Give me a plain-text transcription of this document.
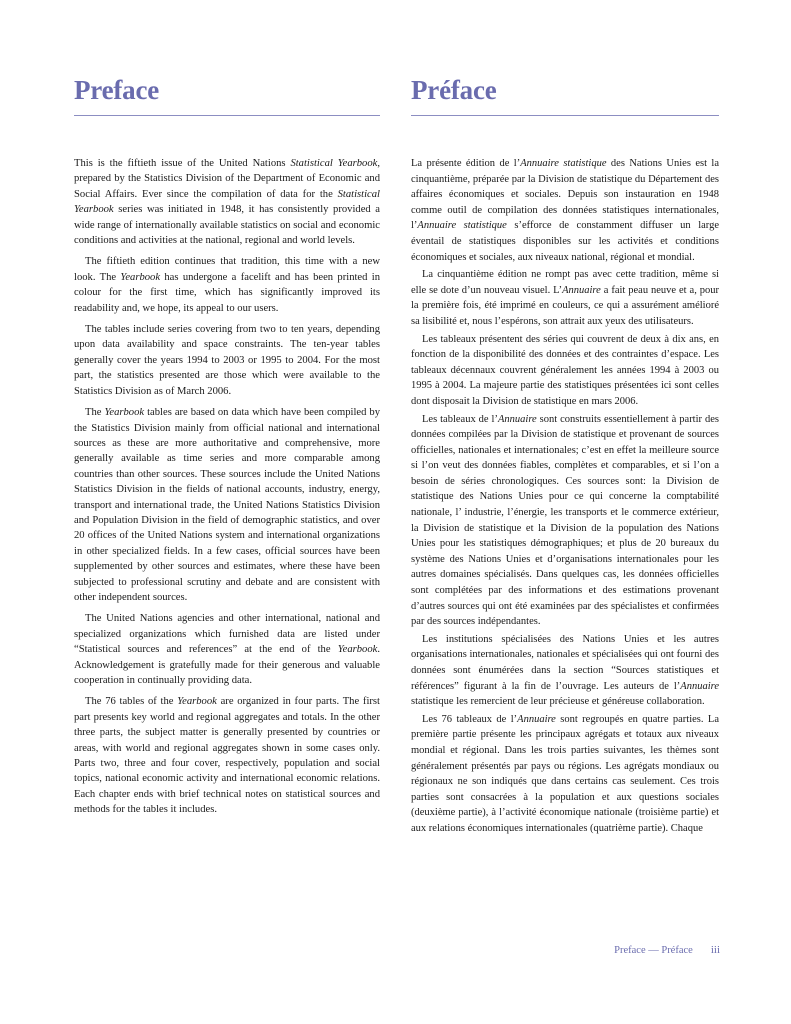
Preface

This is the fiftieth issue of the United Nations Statistical Yearbook, prepared by the Statistics Division of the Department of Economic and Social Affairs. Ever since the compilation of data for the Statistical Yearbook series was initiated in 1948, it has consistently provided a wide range of internationally available statistics on social and economic conditions and activities at the national, regional and world levels.

The fiftieth edition continues that tradition, this time with a new look. The Yearbook has undergone a facelift and has been printed in colour for the first time, which has significantly improved its readability and, we hope, its appeal to our users.

The tables include series covering from two to ten years, depending upon data availability and space constraints. The ten-year tables generally cover the years 1994 to 2003 or 1995 to 2004. For the most part, the statistics presented are those which were available to the Statistics Division as of March 2006.

The Yearbook tables are based on data which have been compiled by the Statistics Division mainly from official national and international sources as these are more authoritative and comprehensive, more generally available as time series and more comparable among countries than other sources. These sources include the United Nations Statistics Division in the fields of national accounts, industry, energy, transport and international trade, the United Nations Statistics Division and Population Division in the field of demographic statistics, and over 20 offices of the United Nations system and international organizations in other specialized fields. In a few cases, official sources have been supplemented by other sources and estimates, where these have been subjected to professional scrutiny and debate and are consistent with other independent sources.

The United Nations agencies and other international, national and specialized organizations which furnished data are listed under “Statistical sources and references” at the end of the Yearbook. Acknowledgement is gratefully made for their generous and valuable cooperation in continually providing data.

The 76 tables of the Yearbook are organized in four parts. The first part presents key world and regional aggregates and totals. In the other three parts, the subject matter is generally presented by countries or areas, with world and regional aggregates shown in some cases only. Parts two, three and four cover, respectively, population and social topics, national economic activity and international economic relations. Each chapter ends with brief technical notes on statistical sources and methods for the tables it includes.

Préface

La présente édition de l’Annuaire statistique des Nations Unies est la cinquantième, préparée par la Division de statistique du Département des affaires économiques et sociales. Depuis son instauration en 1948 comme outil de compilation des données statistiques internationales, l’Annuaire statistique s’efforce de constamment diffuser un large éventail de statistiques disponibles sur les activités et conditions économiques et sociales, aux niveaux national, régional et mondial.

La cinquantième édition ne rompt pas avec cette tradition, même si elle se dote d’un nouveau visuel. L’Annuaire a fait peau neuve et a, pour la première fois, été imprimé en couleurs, ce qui a assurément amélioré sa lisibilité et, nous l’espérons, son attrait aux yeux des utilisateurs.

Les tableaux présentent des séries qui couvrent de deux à dix ans, en fonction de la disponibilité des données et des contraintes d’espace. Les tableaux décennaux couvrent généralement les années 1994 à 2003 ou 1995 à 2004. La majeure partie des statistiques présentées ici sont celles dont disposait la Division de statistique en mars 2006.

Les tableaux de l’Annuaire sont construits essentiellement à partir des données compilées par la Division de statistique et provenant de sources officielles, nationales et internationales; c’est en effet la meilleure source si l’on veut des données fiables, complètes et comparables, et si l’on a besoin de séries chronologiques. Ces sources sont: la Division de statistique des Nations Unies pour ce qui concerne la comptabilité nationale, l’ industrie, l’énergie, les transports et le commerce extérieur, la Division de statistique et la Division de la population des Nations Unies pour les statistiques démographiques; et plus de 20 bureaux du système des Nations Unies et d’organisations internationales pour les autres domaines spécialisés. Dans quelques cas, les données officielles sont complétées par des informations et des estimations provenant d’autres sources qui ont été examinées par des spécialistes et confirmées par des sources indépendantes.

Les institutions spécialisées des Nations Unies et les autres organisations internationales, nationales et spécialisées qui ont fourni des données sont énumérées dans la section “Sources statistiques et références” figurant à la fin de l’ouvrage. Les auteurs de l’Annuaire statistique les remercient de leur précieuse et généreuse collaboration.

Les 76 tableaux de l’Annuaire sont regroupés en quatre parties. La première partie présente les principaux agrégats et totaux aux niveaux mondial et régional. Dans les trois parties suivantes, les thèmes sont généralement présentés par pays ou régions. Les agrégats mondiaux ou régionaux ne son indiqués que dans certains cas seulement. Ces trois parties sont consacrées à la population et aux questions sociales (deuxième partie), à l’activité économique nationale (troisième partie) et aux relations économiques internationales (quatrième partie). Chaque

Preface — Préface iii
